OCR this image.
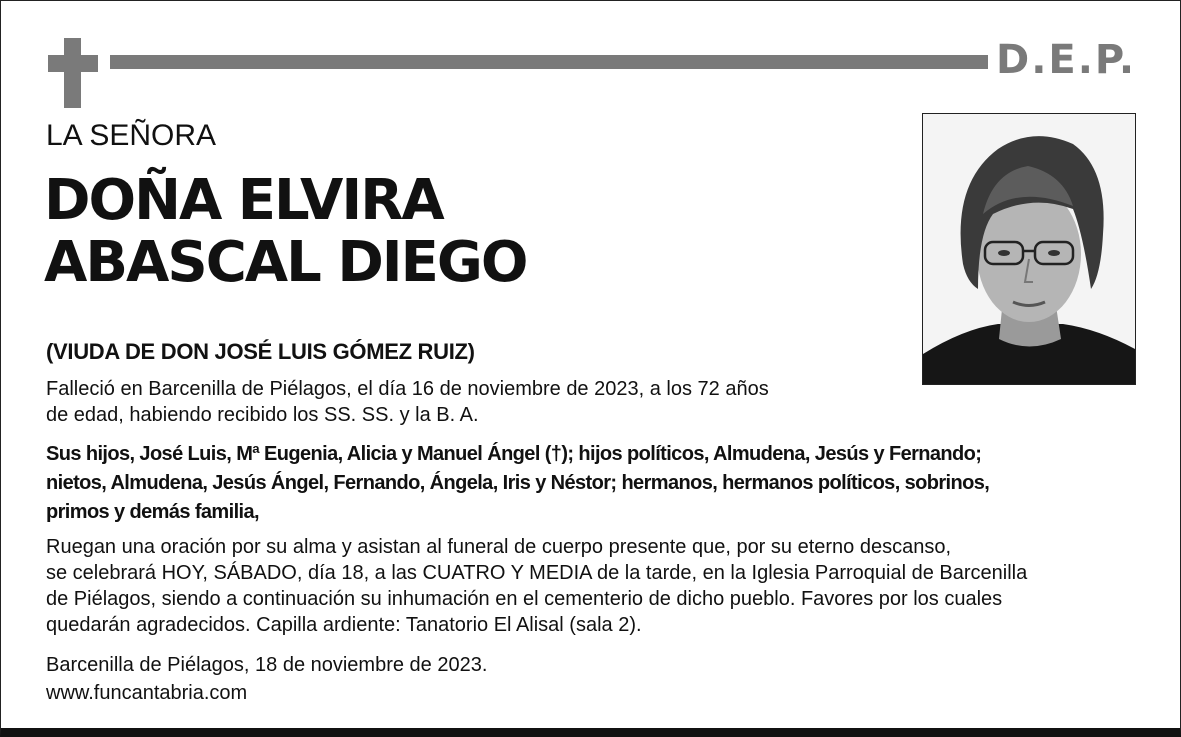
D.E.P.
LA SEÑORA
DOÑA ELVIRA
ABASCAL DIEGO
(VIUDA DE DON JOSÉ LUIS GÓMEZ RUIZ)
Falleció en Barcenilla de Piélagos, el día 16 de noviembre de 2023, a los 72 años
de edad, habiendo recibido los SS. SS. y la B. A.
Sus hijos, José Luis, Mª Eugenia, Alicia y Manuel Ángel (†); hijos políticos, Almudena, Jesús y Fernando;
nietos, Almudena, Jesús Ángel, Fernando, Ángela, Iris y Néstor; hermanos, hermanos políticos, sobrinos,
primos y demás familia,
Ruegan una oración por su alma y asistan al funeral de cuerpo presente que, por su eterno descanso,
se celebrará HOY, SÁBADO, día 18, a las CUATRO Y MEDIA de la tarde, en la Iglesia Parroquial de Barcenilla
de Piélagos, siendo a continuación su inhumación en el cementerio de dicho pueblo. Favores por los cuales
quedarán agradecidos. Capilla ardiente: Tanatorio El Alisal (sala 2).
Barcenilla de Piélagos, 18 de noviembre de 2023.
www.funcantabria.com
